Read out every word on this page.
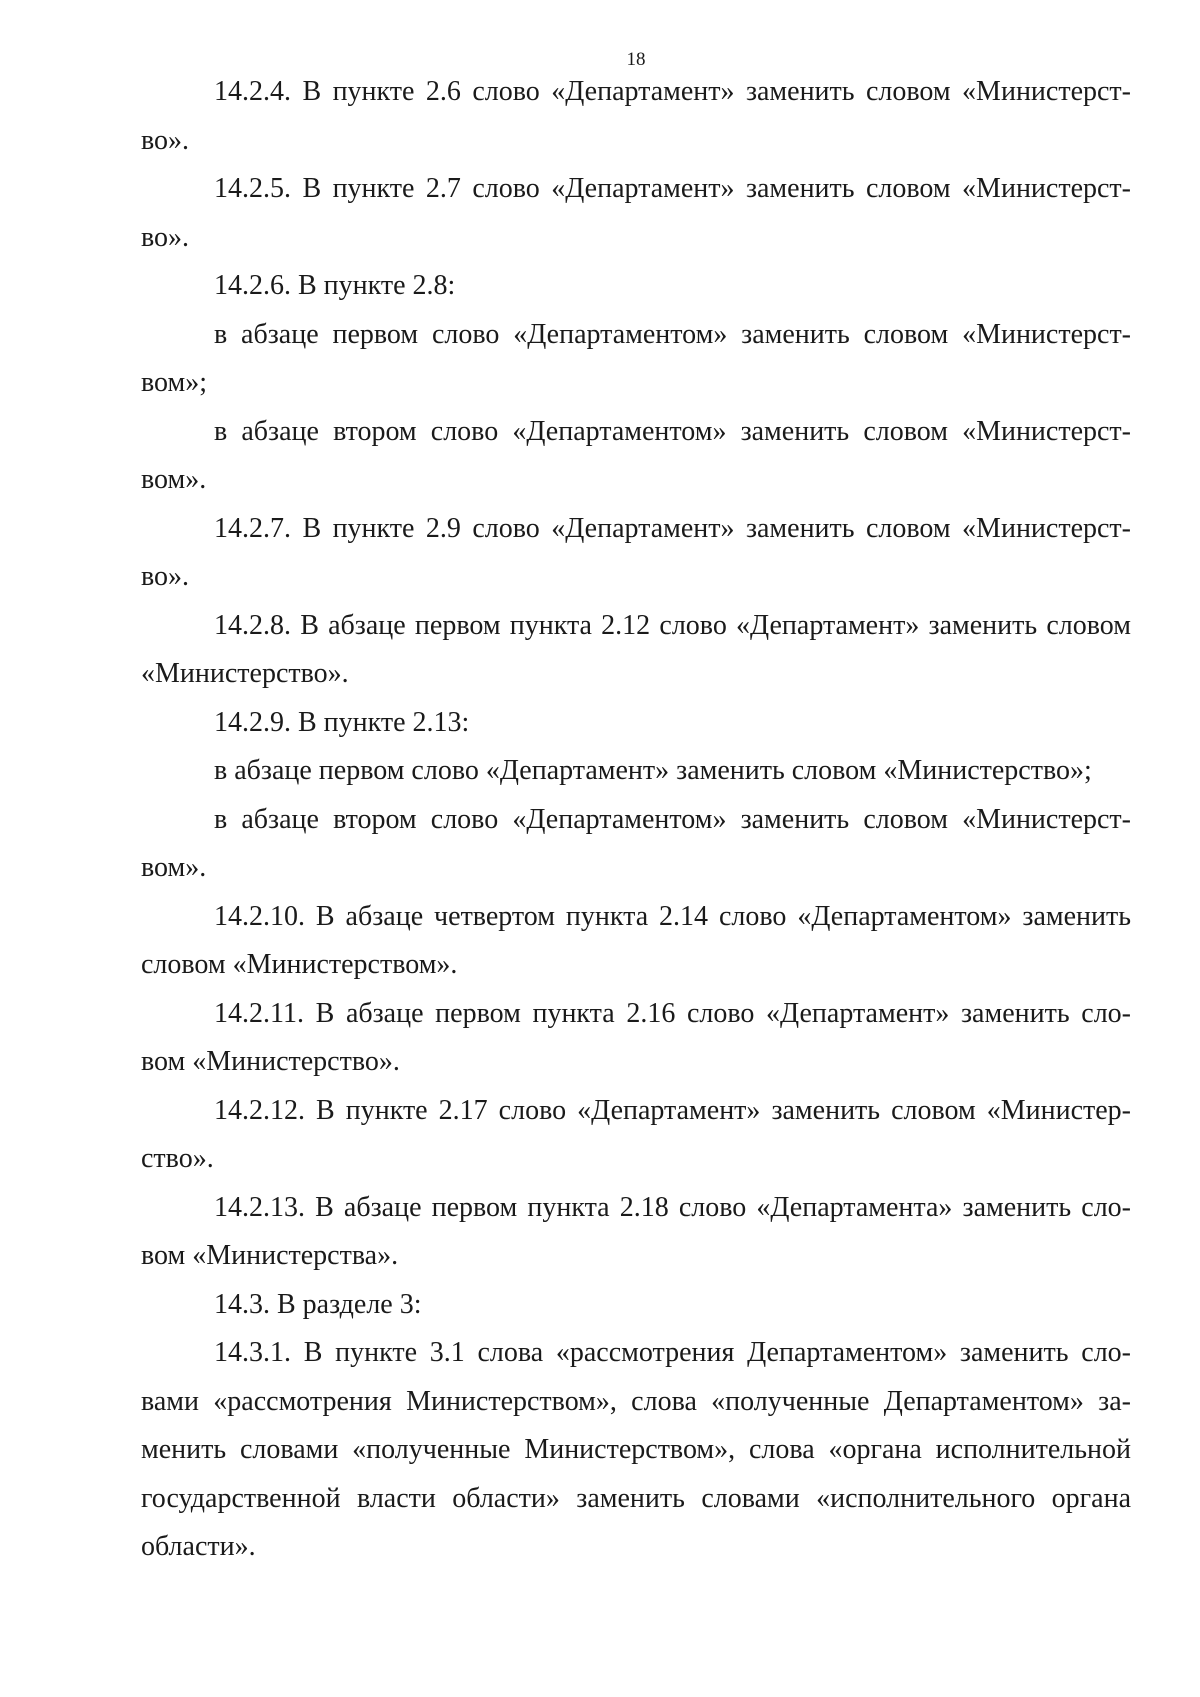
18

14.2.4. В пункте 2.6 слово «Департамент» заменить словом «Министерст-во».

14.2.5. В пункте 2.7 слово «Департамент» заменить словом «Министерст-во».

14.2.6. В пункте 2.8:

в абзаце первом слово «Департаментом» заменить словом «Министерст-вом»;

в абзаце втором слово «Департаментом» заменить словом «Министерст-вом».

14.2.7. В пункте 2.9 слово «Департамент» заменить словом «Министерст-во».

14.2.8. В абзаце первом пункта 2.12 слово «Департамент» заменить словом «Министерство».

14.2.9. В пункте 2.13:

в абзаце первом слово «Департамент» заменить словом «Министерство»;

в абзаце втором слово «Департаментом» заменить словом «Министерст-вом».

14.2.10. В абзаце четвертом пункта 2.14 слово «Департаментом» заменить словом «Министерством».

14.2.11. В абзаце первом пункта 2.16 слово «Департамент» заменить сло-вом «Министерство».

14.2.12. В пункте 2.17 слово «Департамент» заменить словом «Министер-ство».

14.2.13. В абзаце первом пункта 2.18 слово «Департамента» заменить сло-вом «Министерства».

14.3. В разделе 3:

14.3.1. В пункте 3.1 слова «рассмотрения Департаментом» заменить сло-вами «рассмотрения Министерством», слова «полученные Департаментом» за-менить словами «полученные Министерством», слова «органа исполнительной государственной власти области» заменить словами «исполнительного органа области».
